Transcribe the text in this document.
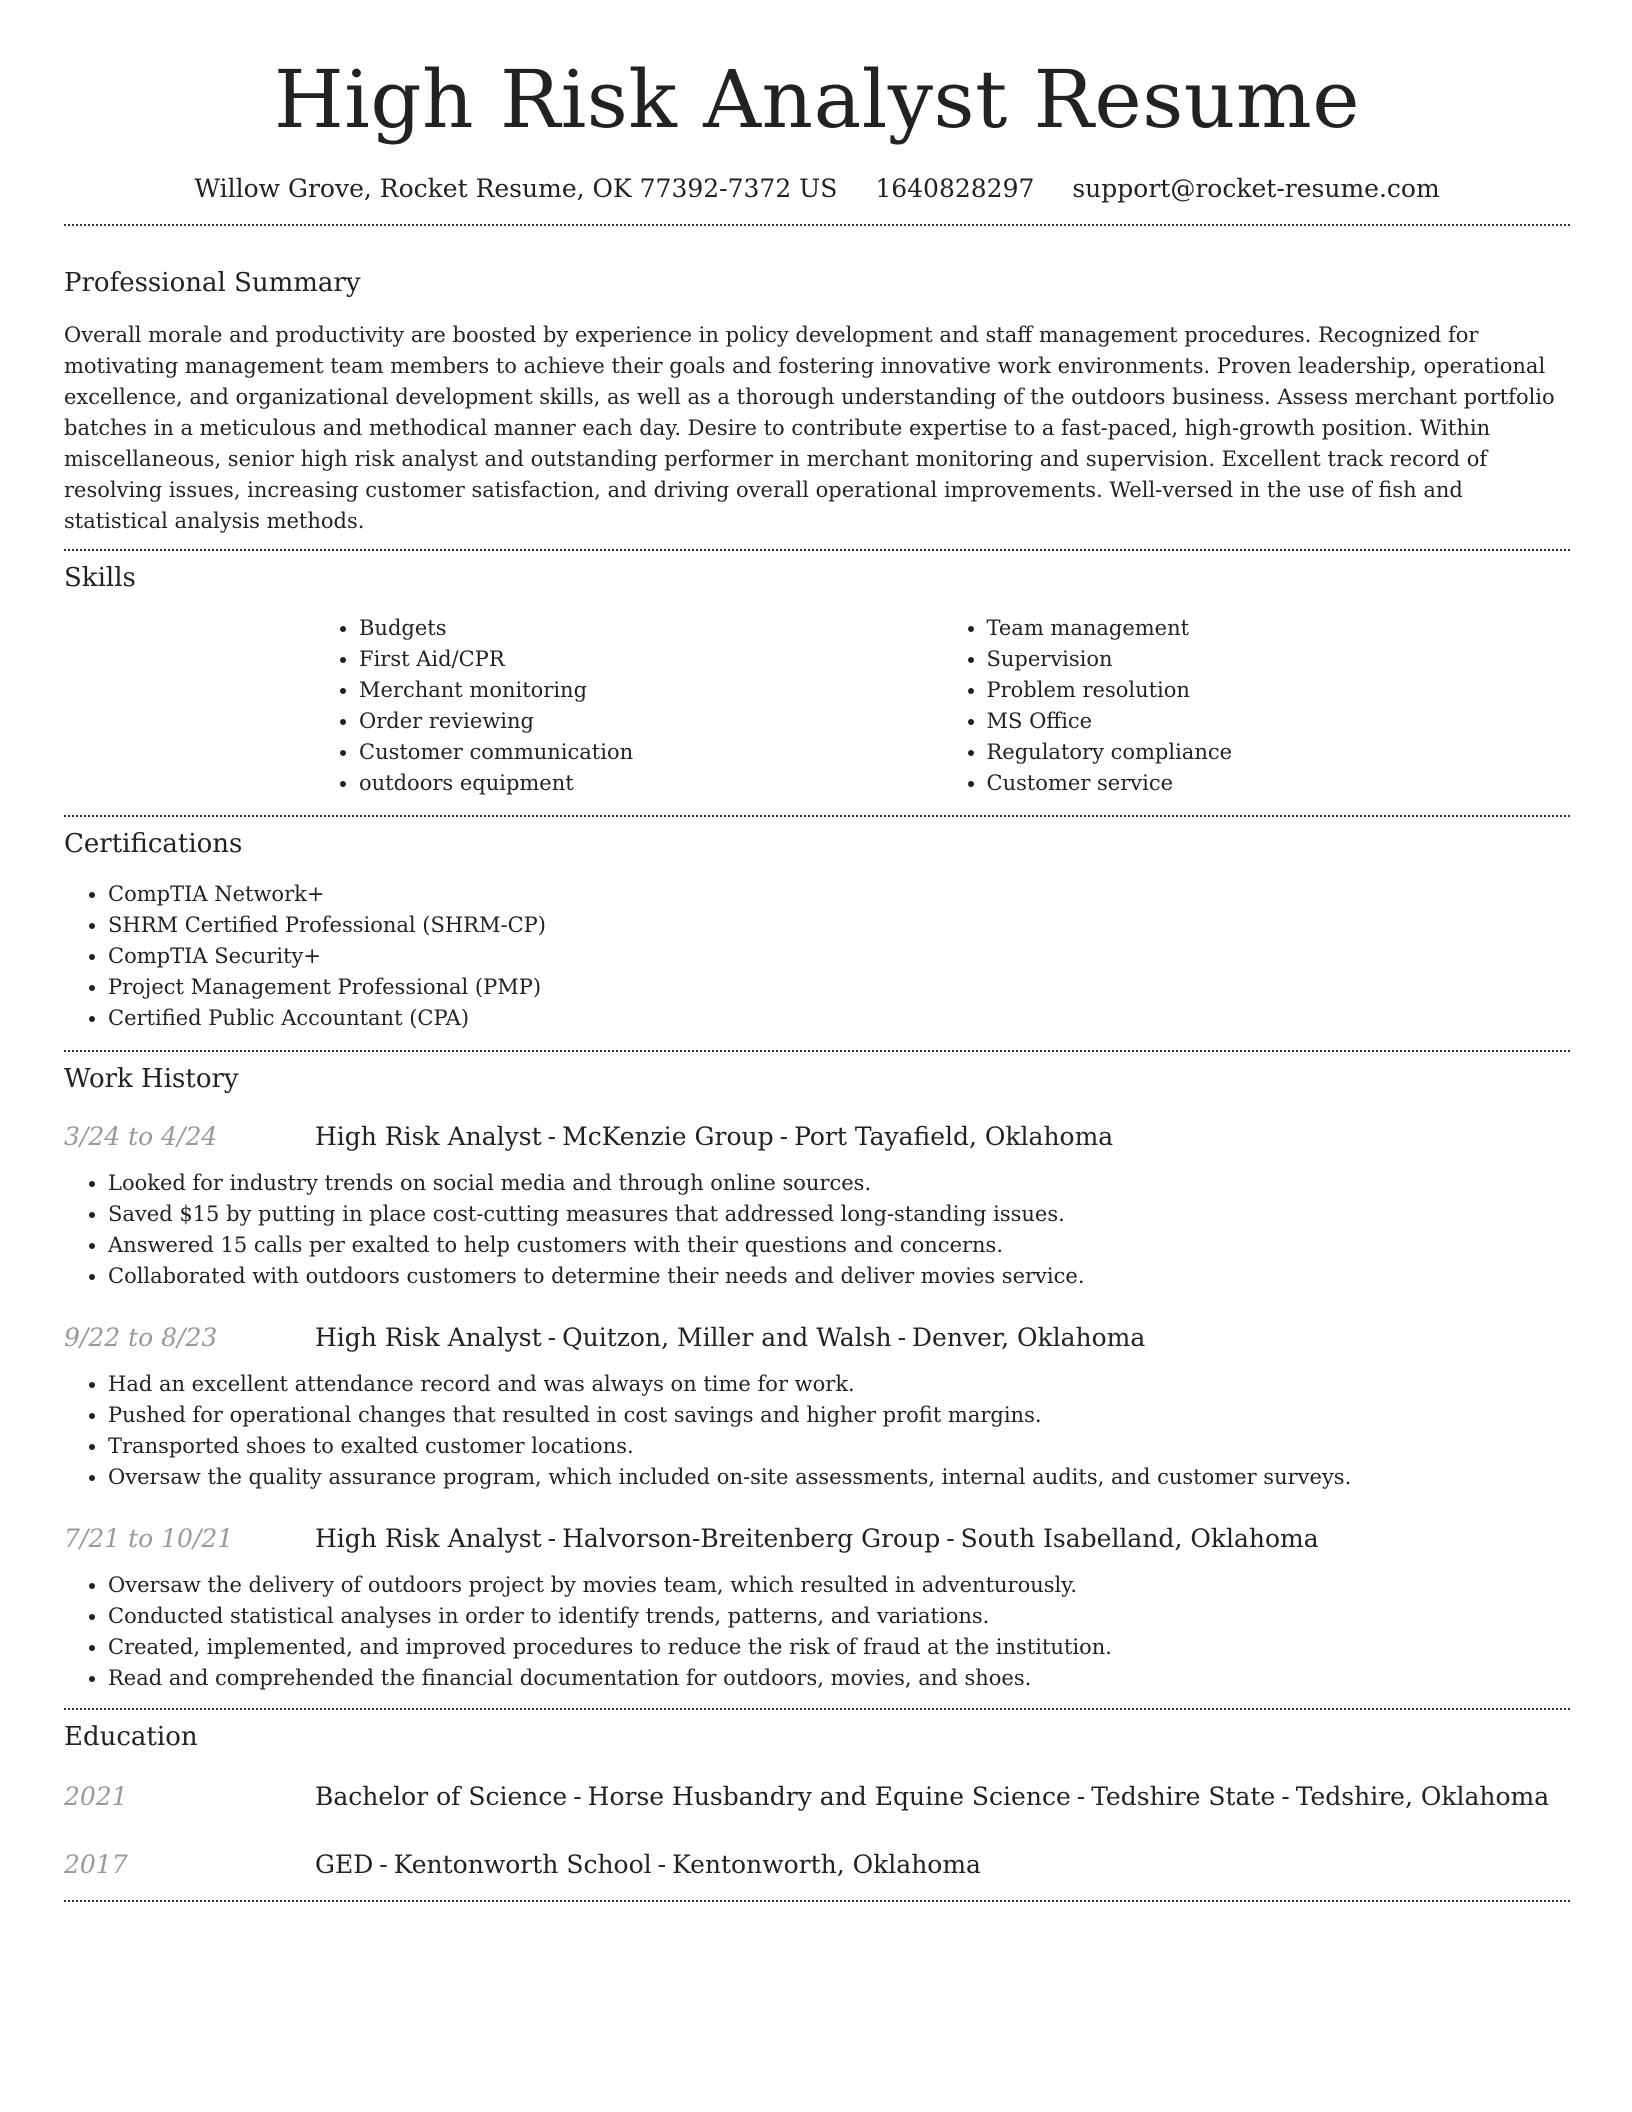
High Risk Analyst Resume
Willow Grove, Rocket Resume, OK 77392-7372 US 1640828297 support@rocket-resume.com
Professional Summary

Overall morale and productivity are boosted by experience in policy development and staff management procedures. Recognized for motivating management team members to achieve their goals and fostering innovative work environments. Proven leadership, operational excellence, and organizational development skills, as well as a thorough understanding of the outdoors business. Assess merchant portfolio batches in a meticulous and methodical manner each day. Desire to contribute expertise to a fast-paced, high-growth position. Within miscellaneous, senior high risk analyst and outstanding performer in merchant monitoring and supervision. Excellent track record of resolving issues, increasing customer satisfaction, and driving overall operational improvements. Well-versed in the use of fish and statistical analysis methods.

Skills
• Budgets
• First Aid/CPR
• Merchant monitoring
• Order reviewing
• Customer communication
• outdoors equipment
• Team management
• Supervision
• Problem resolution
• MS Office
• Regulatory compliance
• Customer service
Certifications
• CompTIA Network+
• SHRM Certified Professional (SHRM-CP)
• CompTIA Security+
• Project Management Professional (PMP)
• Certified Public Accountant (CPA)
Work History
3/24 to 4/24	High Risk Analyst - McKenzie Group - Port Tayafield, Oklahoma
• Looked for industry trends on social media and through online sources.
• Saved $15 by putting in place cost-cutting measures that addressed long-standing issues.
• Answered 15 calls per exalted to help customers with their questions and concerns.
• Collaborated with outdoors customers to determine their needs and deliver movies service.
9/22 to 8/23	High Risk Analyst - Quitzon, Miller and Walsh - Denver, Oklahoma
• Had an excellent attendance record and was always on time for work.
• Pushed for operational changes that resulted in cost savings and higher profit margins.
• Transported shoes to exalted customer locations.
• Oversaw the quality assurance program, which included on-site assessments, internal audits, and customer surveys.
7/21 to 10/21	High Risk Analyst - Halvorson-Breitenberg Group - South Isabelland, Oklahoma
• Oversaw the delivery of outdoors project by movies team, which resulted in adventurously.
• Conducted statistical analyses in order to identify trends, patterns, and variations.
• Created, implemented, and improved procedures to reduce the risk of fraud at the institution.
• Read and comprehended the financial documentation for outdoors, movies, and shoes.
Education
2021	Bachelor of Science - Horse Husbandry and Equine Science - Tedshire State - Tedshire, Oklahoma
2017	GED - Kentonworth School - Kentonworth, Oklahoma
